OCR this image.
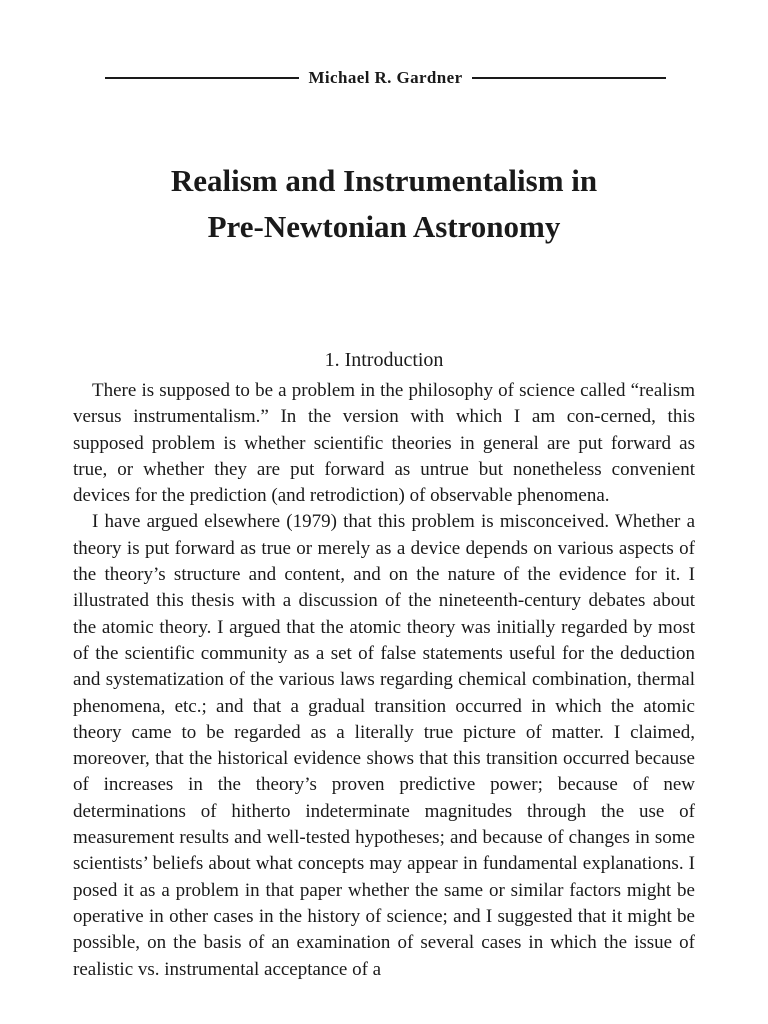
Michael R. Gardner
Realism and Instrumentalism in
Pre-Newtonian Astronomy
1. Introduction

There is supposed to be a problem in the philosophy of science called “realism versus instrumentalism.” In the version with which I am con-cerned, this supposed problem is whether scientific theories in general are put forward as true, or whether they are put forward as untrue but nonetheless convenient devices for the prediction (and retrodiction) of observable phenomena.

I have argued elsewhere (1979) that this problem is misconceived. Whether a theory is put forward as true or merely as a device depends on various aspects of the theory’s structure and content, and on the nature of the evidence for it. I illustrated this thesis with a discussion of the nineteenth-century debates about the atomic theory. I argued that the atomic theory was initially regarded by most of the scientific community as a set of false statements useful for the deduction and systematization of the various laws regarding chemical combination, thermal phenomena, etc.; and that a gradual transition occurred in which the atomic theory came to be regarded as a literally true picture of matter. I claimed, moreover, that the historical evidence shows that this transition occurred because of increases in the theory’s proven predictive power; because of new determinations of hitherto indeterminate magnitudes through the use of measurement results and well-tested hypotheses; and because of changes in some scientists’ beliefs about what concepts may appear in fundamental explanations. I posed it as a problem in that paper whether the same or similar factors might be operative in other cases in the history of science; and I suggested that it might be possible, on the basis of an examination of several cases in which the issue of realistic vs. instrumental acceptance of a
